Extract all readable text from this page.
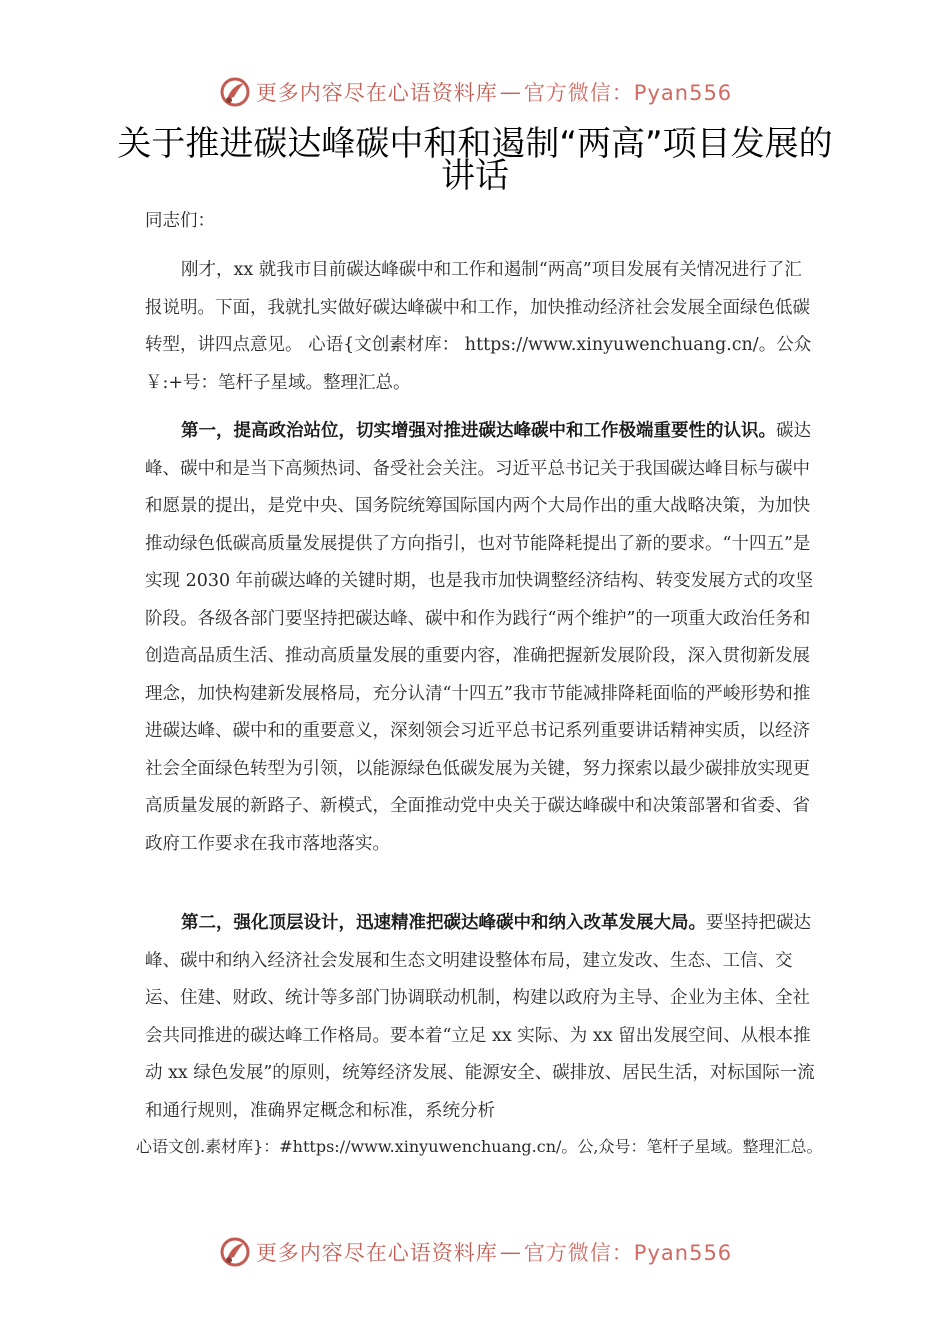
更多内容尽在心语资料库 — 官方微信：Pyan556
关于推进碳达峰碳中和和遏制“两高”项目发展的讲话

同志们：

刚才，xx 就我市目前碳达峰碳中和工作和遏制“两高”项目发展有关情况进行了汇报说明。下面，我就扎实做好碳达峰碳中和工作，加快推动经济社会发展全面绿色低碳转型，讲四点意见。 心语{文创素材库： https://www.xinyuwenchuang.cn/。公众￥:+号：笔杆子星域。整理汇总。
第一，提高政治站位，切实增强对推进碳达峰碳中和工作极端重要性的认识。碳达峰、碳中和是当下高频热词、备受社会关注。习近平总书记关于我国碳达峰目标与碳中和愿景的提出，是党中央、国务院统筹国际国内两个大局作出的重大战略决策，为加快推动绿色低碳高质量发展提供了方向指引，也对节能降耗提出了新的要求。“十四五”是实现 2030 年前碳达峰的关键时期，也是我市加快调整经济结构、转变发展方式的攻坚阶段。各级各部门要坚持把碳达峰、碳中和作为践行“两个维护”的一项重大政治任务和创造高品质生活、推动高质量发展的重要内容，准确把握新发展阶段，深入贯彻新发展理念，加快构建新发展格局，充分认清“十四五”我市节能减排降耗面临的严峻形势和推进碳达峰、碳中和的重要意义，深刻领会习近平总书记系列重要讲话精神实质，以经济社会全面绿色转型为引领，以能源绿色低碳发展为关键，努力探索以最少碳排放实现更高质量发展的新路子、新模式，全面推动党中央关于碳达峰碳中和决策部署和省委、省政府工作要求在我市落地落实。
第二，强化顶层设计，迅速精准把碳达峰碳中和纳入改革发展大局。要坚持把碳达峰、碳中和纳入经济社会发展和生态文明建设整体布局，建立发改、生态、工信、交运、住建、财政、统计等多部门协调联动机制，构建以政府为主导、企业为主体、全社会共同推进的碳达峰工作格局。要本着“立足 xx 实际、为 xx 留出发展空间、从根本推动 xx 绿色发展”的原则，统筹经济发展、能源安全、碳排放、居民生活，对标国际一流和通行规则，准确界定概念和标准，系统分析

心语文创.素材库}：#https://www.xinyuwenchuang.cn/。公,众号：笔杆子星域。整理汇总。

更多内容尽在心语资料库 — 官方微信：Pyan556
